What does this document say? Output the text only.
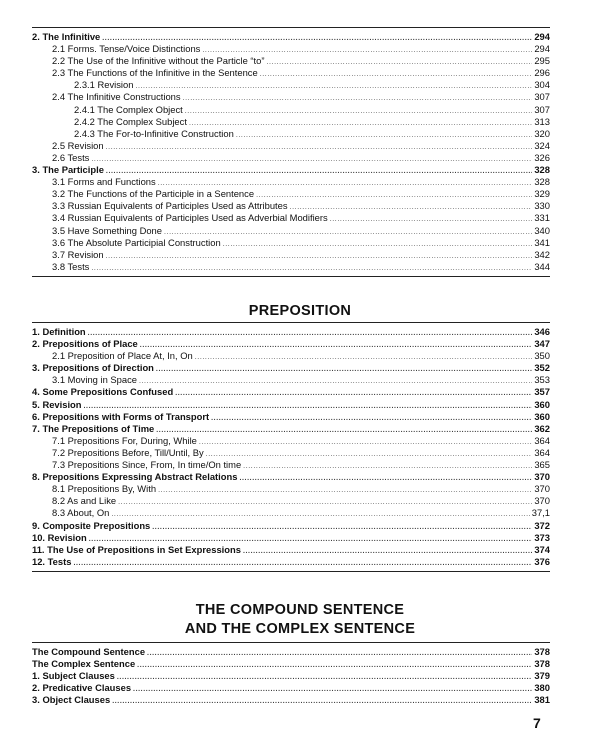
2. The Infinitive .....	294
2.1 Forms. Tense/Voice Distinctions .....	294
2.2 The Use of the Infinitive without the Particle “to” .....	295
2.3 The Functions of the Infinitive in the Sentence .....	296
2.3.1 Revision .....	304
2.4 The Infinitive Constructions .....	307
2.4.1 The Complex Object .....	307
2.4.2 The Complex Subject .....	313
2.4.3 The For-to-Infinitive Construction .....	320
2.5 Revision .....	324
2.6 Tests .....	326
3. The Participle .....	328
3.1 Forms and Functions .....	328
3.2 The Functions of the Participle in a Sentence .....	329
3.3 Russian Equivalents of Participles Used as Attributes .....	330
3.4 Russian Equivalents of Participles Used as Adverbial Modifiers .....	331
3.5 Have Something Done .....	340
3.6 The Absolute Participial Construction .....	341
3.7 Revision .....	342
3.8 Tests .....	344
PREPOSITION
1. Definition .....	346
2. Prepositions of Place .....	347
2.1 Preposition of Place At, In, On .....	350
3. Prepositions of Direction .....	352
3.1 Moving in Space .....	353
4. Some Prepositions Confused .....	357
5. Revision .....	360
6. Prepositions with Forms of Transport .....	360
7. The Prepositions of Time .....	362
7.1 Prepositions For, During, While .....	364
7.2 Prepositions Before, Till/Until, By .....	364
7.3 Prepositions Since, From, In time/On time .....	365
8. Prepositions Expressing Abstract Relations .....	370
8.1 Prepositions By, With .....	370
8.2 As and Like .....	370
8.3 About, On .....	37,1
9. Composite Prepositions .....	372
10. Revision .....	373
11. The Use of Prepositions in Set Expressions .....	374
12. Tests .....	376
THE COMPOUND SENTENCE
AND THE COMPLEX SENTENCE
The Compound Sentence .....	378
The Complex Sentence .....	378
1. Subject Clauses .....	379
2. Predicative Clauses .....	380
3. Object Clauses .....	381
7
